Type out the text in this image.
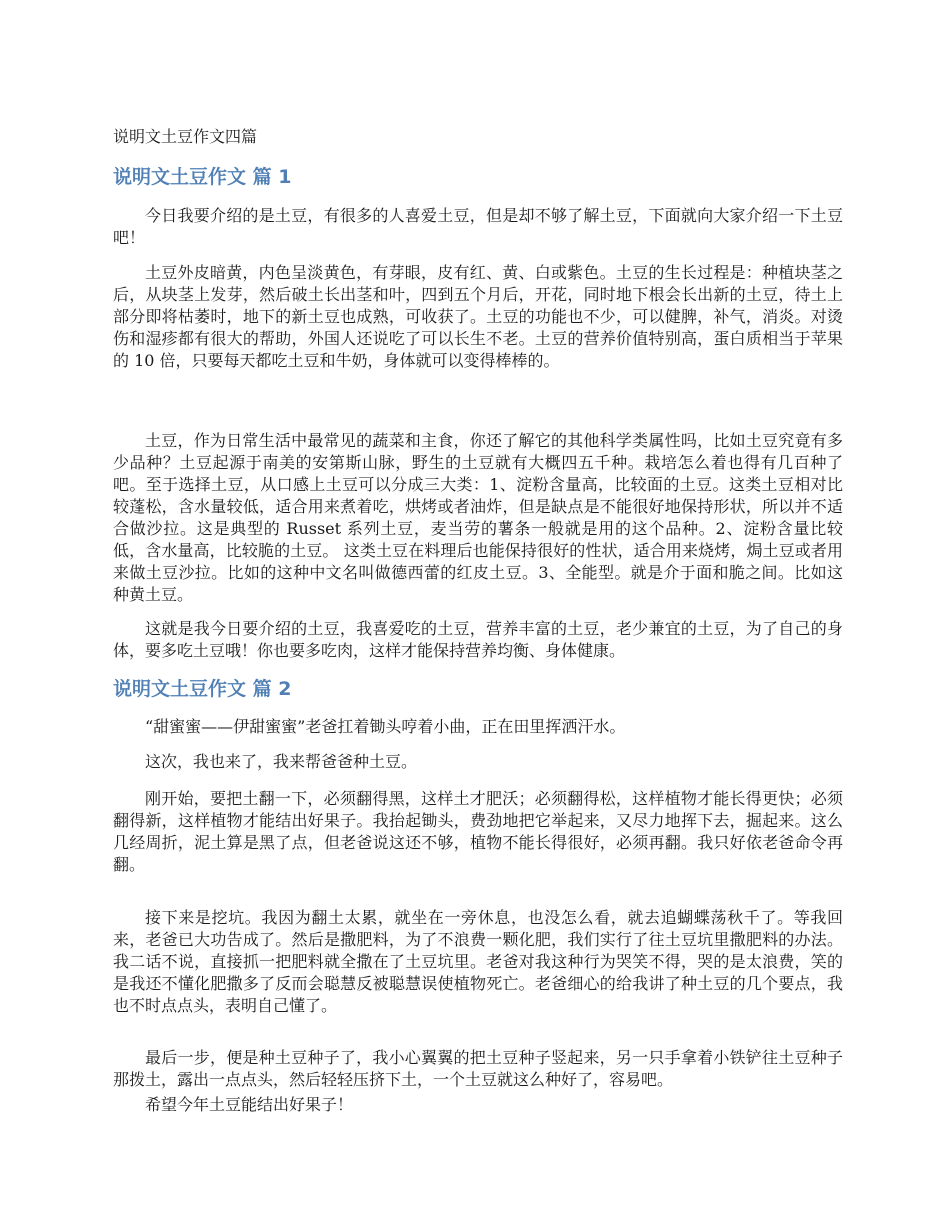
说明文土豆作文四篇
说明文土豆作文 篇 1

今日我要介绍的是土豆，有很多的人喜爱土豆，但是却不够了解土豆，下面就向大家介绍一下土豆吧！

土豆外皮暗黄，内色呈淡黄色，有芽眼，皮有红、黄、白或紫色。土豆的生长过程是：种植块茎之后，从块茎上发芽，然后破土长出茎和叶，四到五个月后，开花，同时地下根会长出新的土豆，待土上部分即将枯萎时，地下的新土豆也成熟，可收获了。土豆的功能也不少，可以健脾，补气，消炎。对烫伤和湿疹都有很大的帮助，外国人还说吃了可以长生不老。土豆的营养价值特别高，蛋白质相当于苹果的 10 倍，只要每天都吃土豆和牛奶，身体就可以变得棒棒的。

土豆，作为日常生活中最常见的蔬菜和主食，你还了解它的其他科学类属性吗，比如土豆究竟有多少品种？土豆起源于南美的安第斯山脉，野生的土豆就有大概四五千种。栽培怎么着也得有几百种了吧。至于选择土豆，从口感上土豆可以分成三大类：1、淀粉含量高，比较面的土豆。这类土豆相对比较蓬松，含水量较低，适合用来煮着吃，烘烤或者油炸，但是缺点是不能很好地保持形状，所以并不适合做沙拉。这是典型的 Russet 系列土豆，麦当劳的薯条一般就是用的这个品种。2、淀粉含量比较低，含水量高，比较脆的土豆。 这类土豆在料理后也能保持很好的性状，适合用来烧烤，焗土豆或者用来做土豆沙拉。比如的这种中文名叫做德西蕾的红皮土豆。3、全能型。就是介于面和脆之间。比如这种黄土豆。

这就是我今日要介绍的土豆，我喜爱吃的土豆，营养丰富的土豆，老少兼宜的土豆，为了自己的身体，要多吃土豆哦！你也要多吃肉，这样才能保持营养均衡、身体健康。

说明文土豆作文 篇 2

“甜蜜蜜——伊甜蜜蜜”老爸扛着锄头哼着小曲，正在田里挥洒汗水。

这次，我也来了，我来帮爸爸种土豆。

刚开始，要把土翻一下，必须翻得黑，这样土才肥沃；必须翻得松，这样植物才能长得更快；必须翻得新，这样植物才能结出好果子。我抬起锄头，费劲地把它举起来，又尽力地挥下去，掘起来。这么几经周折，泥土算是黑了点，但老爸说这还不够，植物不能长得很好，必须再翻。我只好依老爸命令再翻。

接下来是挖坑。我因为翻土太累，就坐在一旁休息，也没怎么看，就去追蝴蝶荡秋千了。等我回来，老爸已大功告成了。然后是撒肥料，为了不浪费一颗化肥，我们实行了往土豆坑里撒肥料的办法。我二话不说，直接抓一把肥料就全撒在了土豆坑里。老爸对我这种行为哭笑不得，哭的是太浪费，笑的是我还不懂化肥撒多了反而会聪慧反被聪慧误使植物死亡。老爸细心的给我讲了种土豆的几个要点，我也不时点点头，表明自己懂了。

最后一步，便是种土豆种子了，我小心翼翼的把土豆种子竖起来，另一只手拿着小铁铲往土豆种子那拨土，露出一点点头，然后轻轻压挤下土，一个土豆就这么种好了，容易吧。

希望今年土豆能结出好果子！
